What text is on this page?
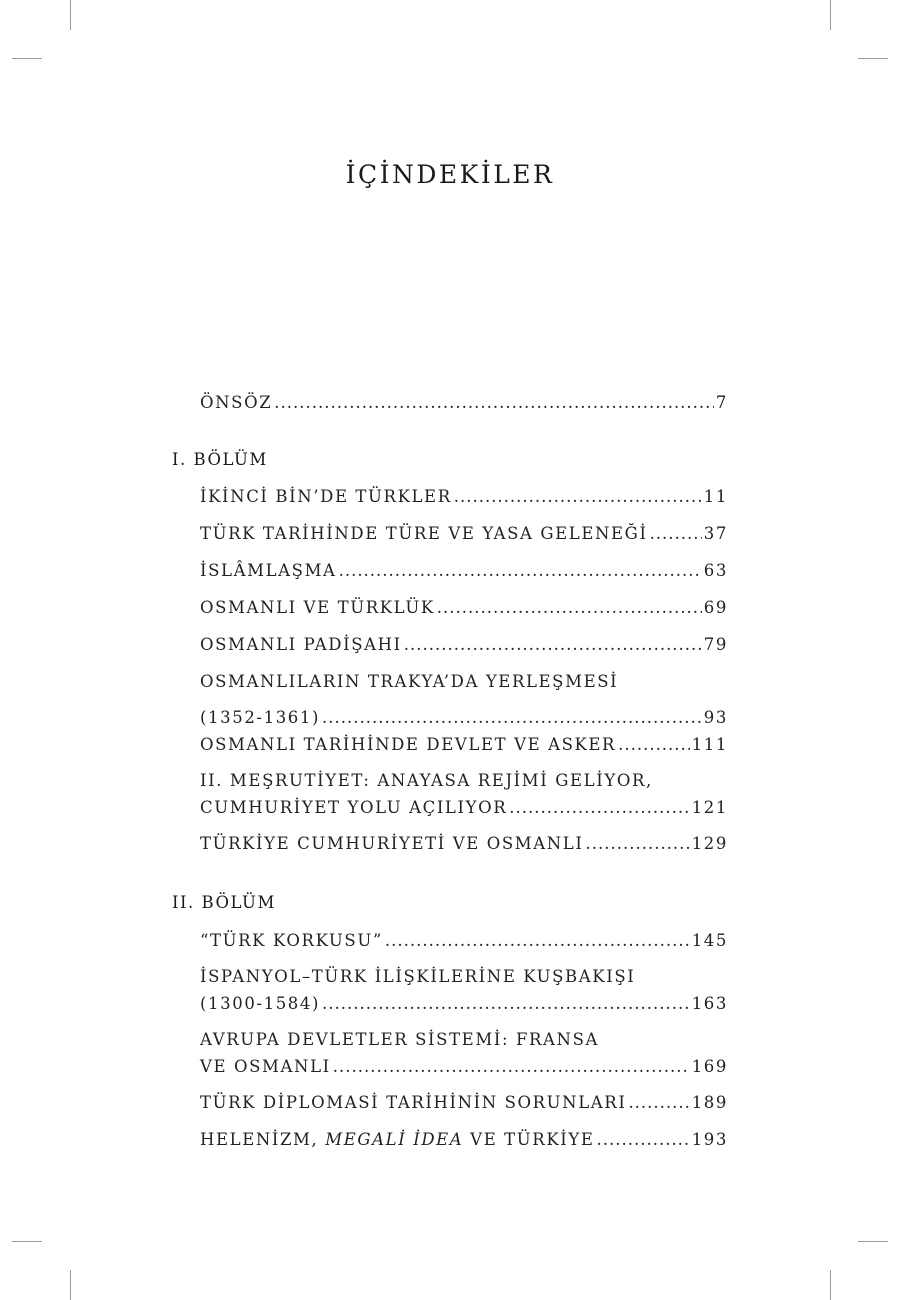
İÇİNDEKİLER
ÖNSÖZ .....	7
I. BÖLÜM
İKİNCİ BİN’DE TÜRKLER .....	11
TÜRK TARİHİNDE TÜRE VE YASA GELENEĞİ .....	37
İSLÂMLAŞMA .....	63
OSMANLI VE TÜRKLÜK .....	69
OSMANLI PADİŞAHI .....	79
OSMANLILARIN TRAKYA’DA YERLEŞMESİ
(1352-1361) .....	93
OSMANLI TARİHİNDE DEVLET VE ASKER .....	111
II. MEŞRUTİYET: ANAYASA REJİMİ GELİYOR,
CUMHURİYET YOLU AÇILIYOR .....	121
TÜRKİYE CUMHURİYETİ VE OSMANLI .....	129
II. BÖLÜM
“TÜRK KORKUSU” .....	145
İSPANYOL–TÜRK İLİŞKİLERİNE KUŞBAKIŞI
(1300-1584) .....	163
AVRUPA DEVLETLER SİSTEMİ: FRANSA
VE OSMANLI .....	169
TÜRK DİPLOMASİ TARİHİNİN SORUNLARI .....	189
HELENİZM, MEGALİ İDEA VE TÜRKİYE .....	193
